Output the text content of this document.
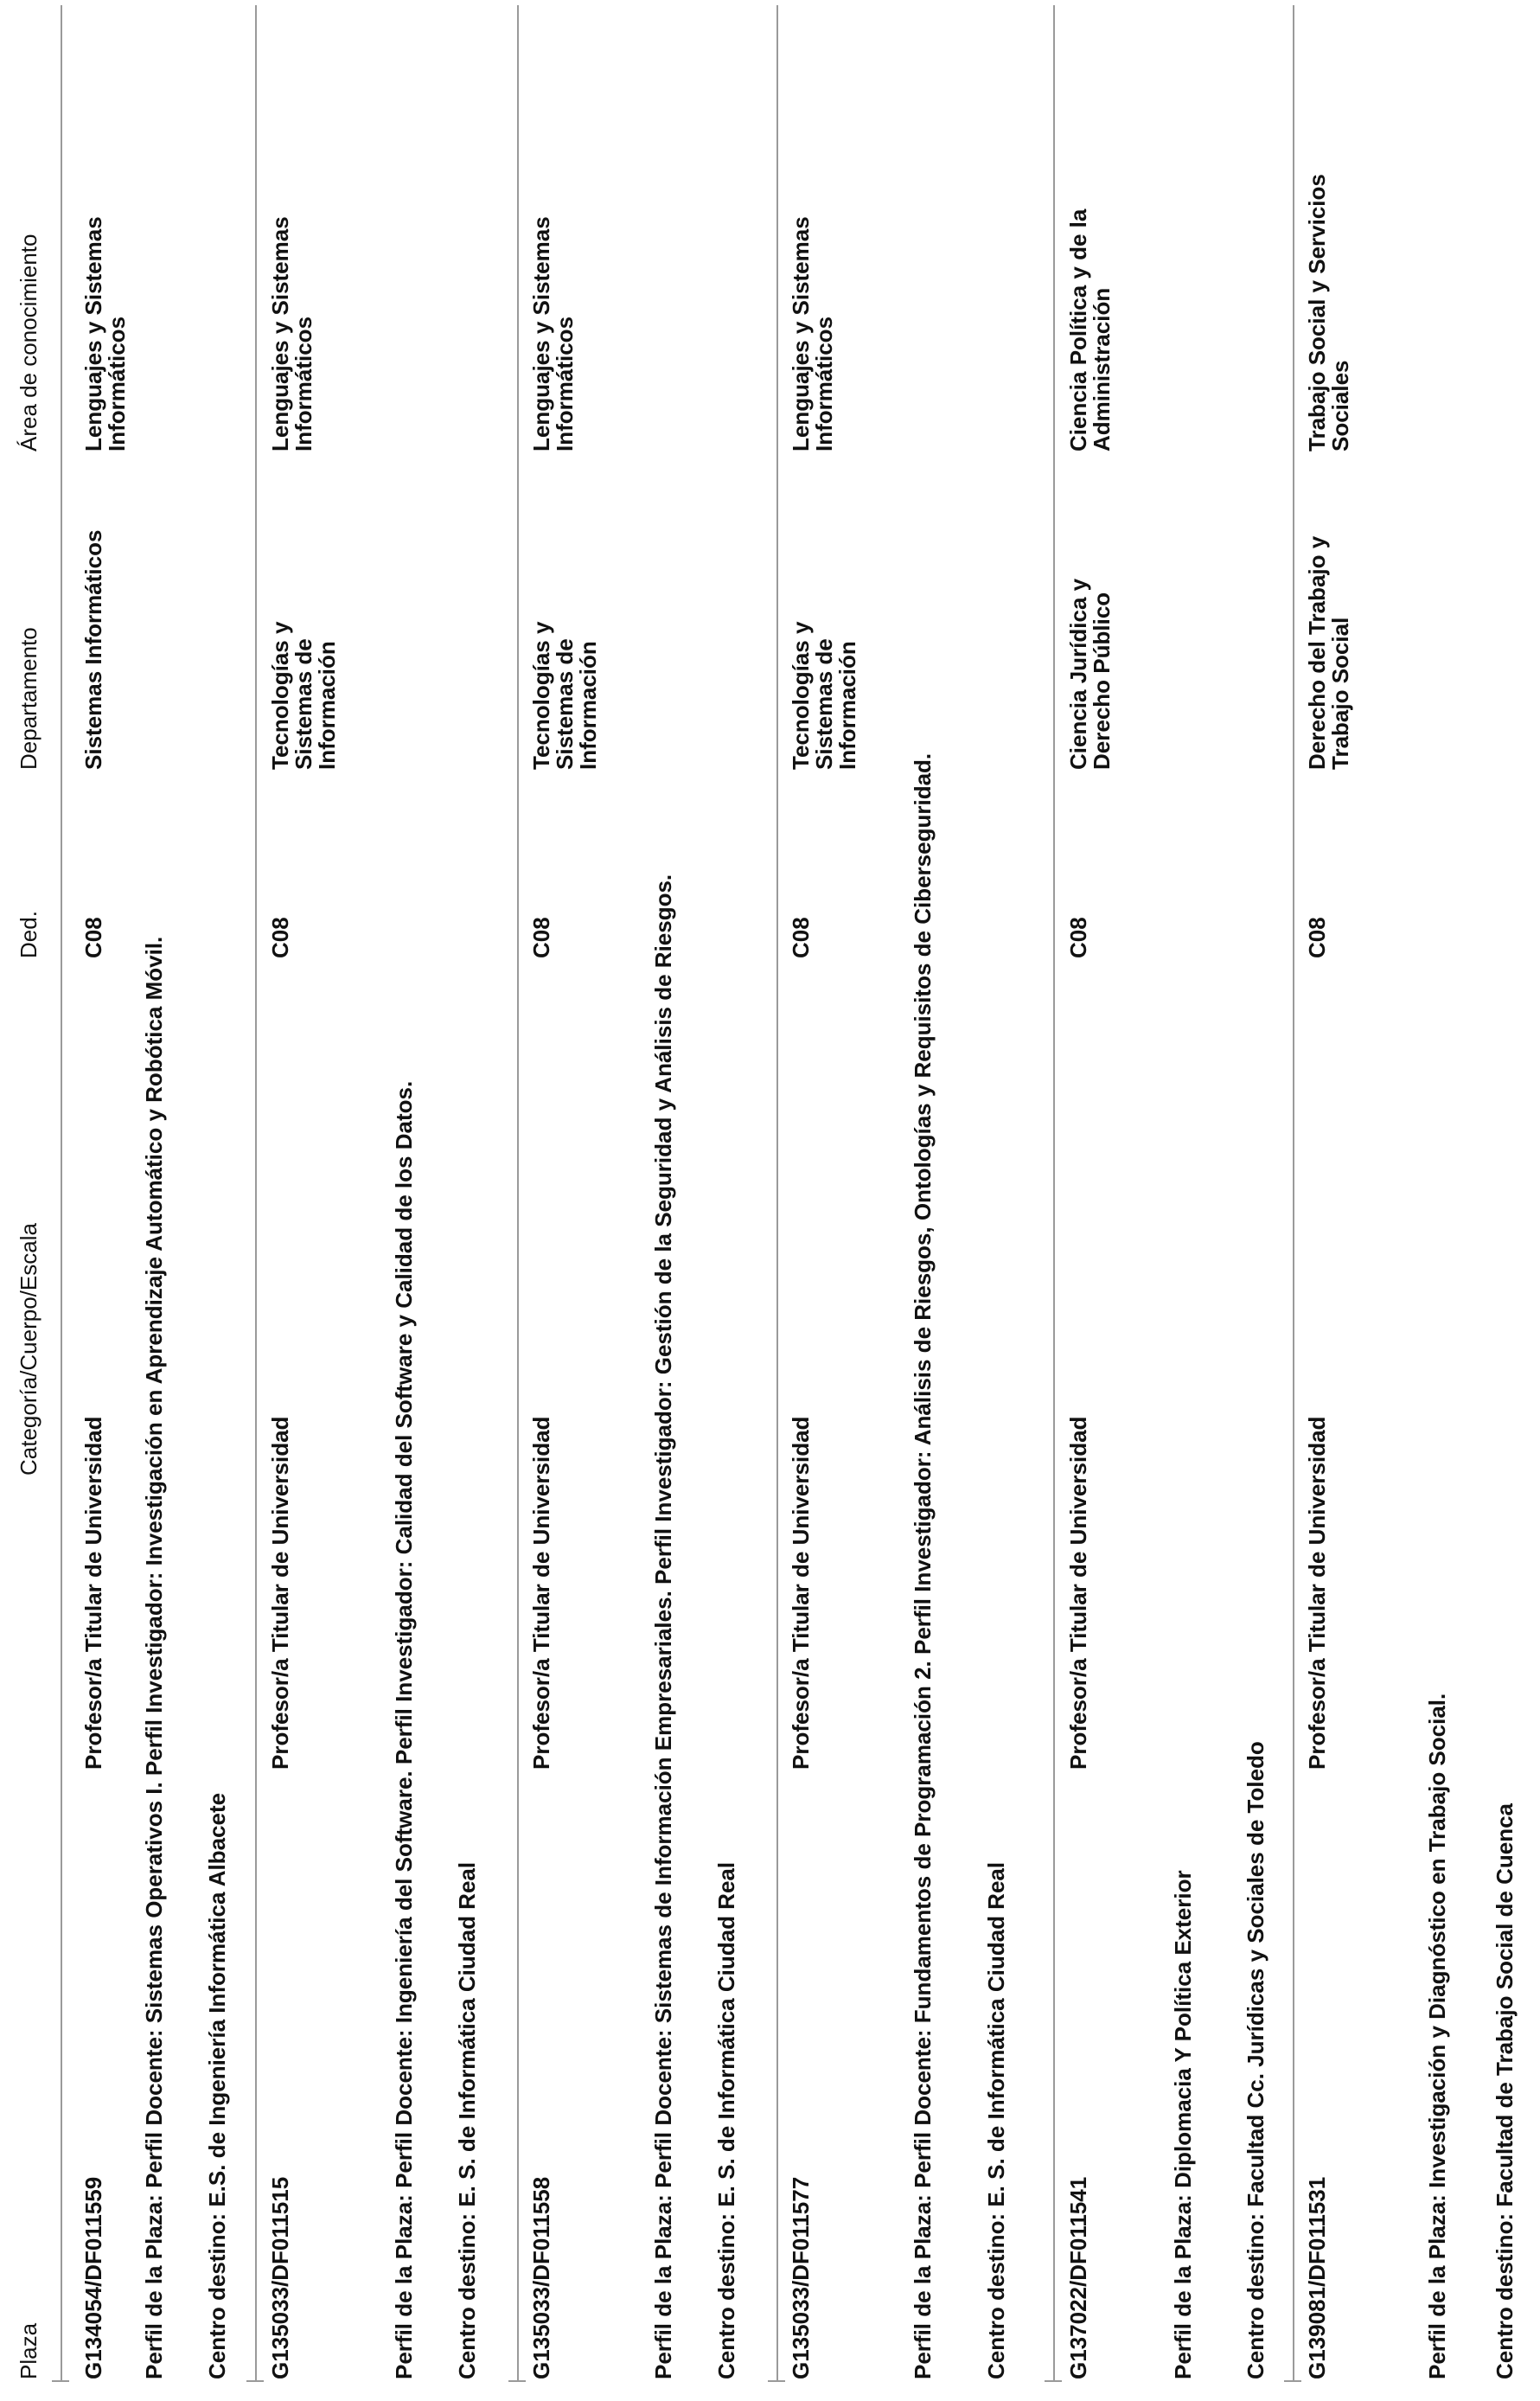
Plaza

Categoría/Cuerpo/Escala

Ded.

Departamento

Área de conocimiento

G134054/DF011559

Profesor/a Titular de Universidad

C08

Sistemas Informáticos

Lenguajes y Sistemas

Informáticos

Perfil de la Plaza: Perfil Docente: Sistemas Operativos I. Perfil Investigador: Investigación en Aprendizaje Automático y Robótica Móvil. Centro destino: E.S. de Ingeniería Informática Albacete G135033/DF011515

Profesor/a Titular de Universidad

C08

Tecnologías y

Sistemas de

Información

Lenguajes y Sistemas

Informáticos

Perfil de la Plaza: Perfil Docente: Ingeniería del Software. Perfil Investigador: Calidad del Software y Calidad de los Datos. Centro destino: E. S. de Informática Ciudad Real G135033/DF011558

Profesor/a Titular de Universidad

C08

Tecnologías y

Sistemas de

Información

Lenguajes y Sistemas

Informáticos

Perfil de la Plaza: Perfil Docente: Sistemas de Información Empresariales. Perfil Investigador: Gestión de la Seguridad y Análisis de Riesgos. Centro destino: E. S. de Informática Ciudad Real G135033/DF011577

Profesor/a Titular de Universidad

C08

Tecnologías y

Sistemas de

Información

Lenguajes y Sistemas

Informáticos

Perfil de la Plaza: Perfil Docente: Fundamentos de Programación 2. Perfil Investigador: Análisis de Riesgos, Ontologías y Requisitos de Ciberseguridad. Centro destino: E. S. de Informática Ciudad Real	G137022/DF011541

Profesor/a Titular de Universidad

C08

Ciencia Jurídica y

Derecho Público

Ciencia Política y de la

Administración

Perfil de la Plaza: Diplomacia Y Política Exterior Centro destino: Facultad Cc. Jurídicas y Sociales de Toledo G139081/DF011531

Profesor/a Titular de Universidad

C08

Derecho del Trabajo y

Trabajo Social

Trabajo Social y Servicios

Sociales

Perfil de la Plaza: Investigación y Diagnóstico en Trabajo Social. Centro destino: Facultad de Trabajo Social de Cuenca
